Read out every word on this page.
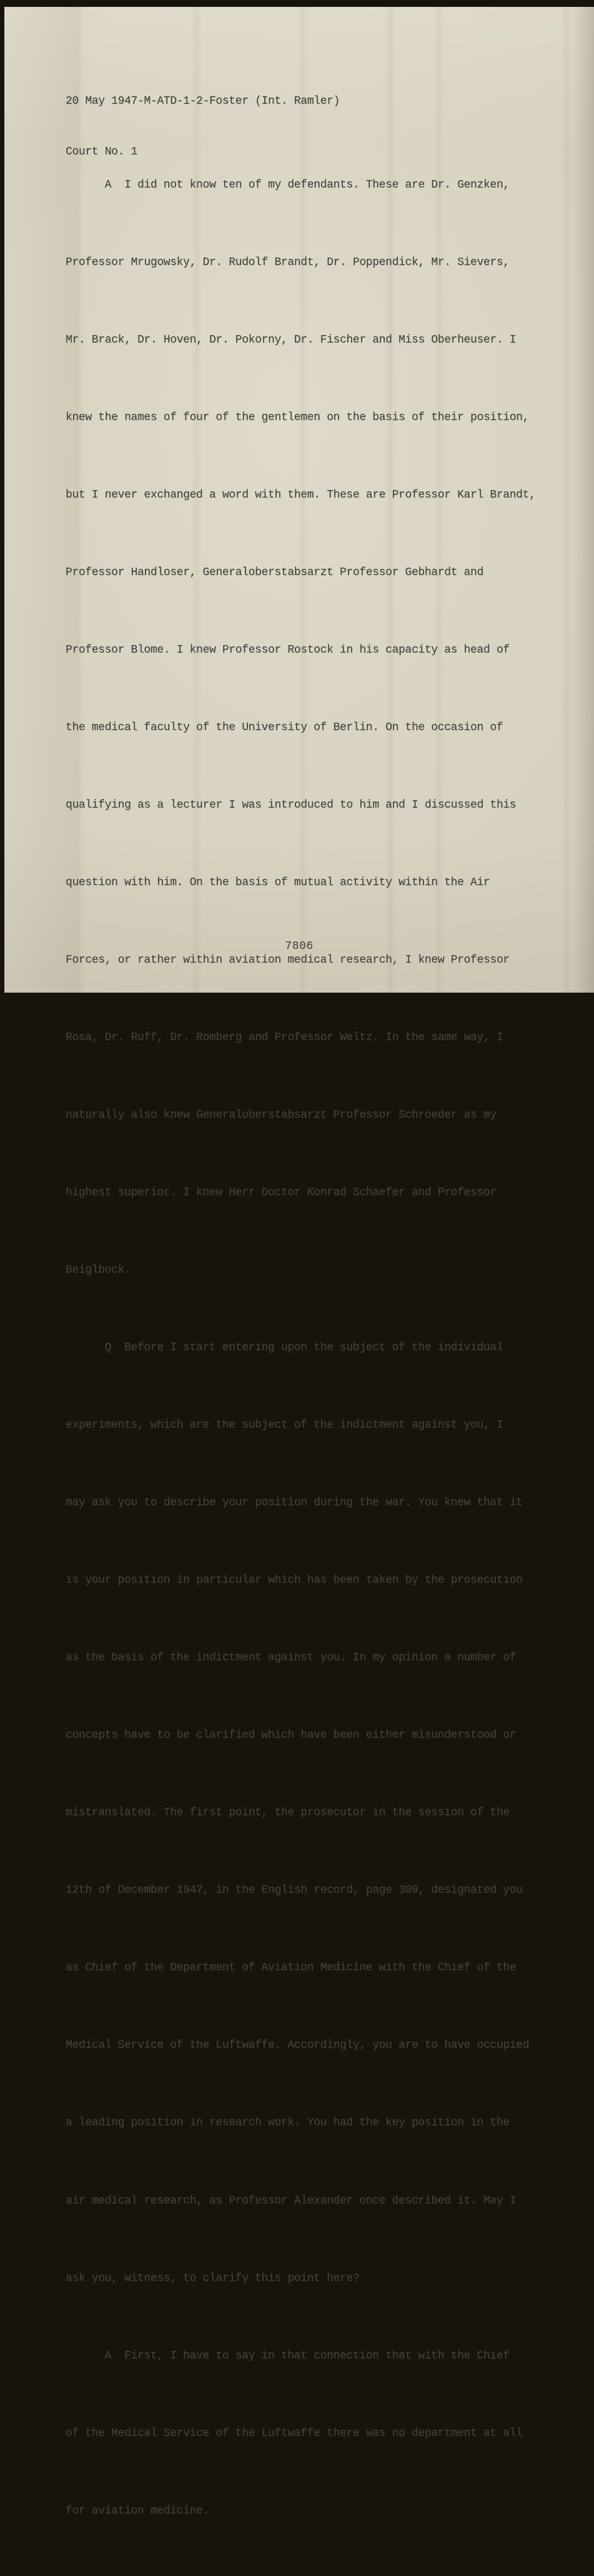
20 May 1947-M-ATD-1-2-Foster (Int. Ramler)

Court No. 1

A  I did not know ten of my defendants. These are Dr. Genzken,

Professor Mrugowsky, Dr. Rudolf Brandt, Dr. Poppendick, Mr. Sievers,

Mr. Brack, Dr. Hoven, Dr. Pokorny, Dr. Fischer and Miss Oberheuser. I

knew the names of four of the gentlemen on the basis of their position,

but I never exchanged a word with them. These are Professor Karl Brandt,

Professor Handloser, Generaloberstabsarzt Professor Gebhardt and

Professor Blome. I knew Professor Rostock in his capacity as head of

the medical faculty of the University of Berlin. On the occasion of

qualifying as a lecturer I was introduced to him and I discussed this

question with him. On the basis of mutual activity within the Air

Forces, or rather within aviation medical research, I knew Professor

Rosa, Dr. Ruff, Dr. Romberg and Professor Weltz. In the same way, I

naturally also knew Generaloberstabsarzt Professor Schroeder as my

highest superior. I knew Herr Doctor Konrad Schaefer and Professor

Beiglbock.

Q  Before I start entering upon the subject of the individual

experiments, which are the subject of the indictment against you, I

may ask you to describe your position during the war. You knew that it

is your position in particular which has been taken by the prosecution

as the basis of the indictment against you. In my opinion a number of

concepts have to be clarified which have been either misunderstood or

mistranslated. The first point, the prosecutor in the session of the

12th of December 1947, in the English record, page 309, designated you

as Chief of the Department of Aviation Medicine with the Chief of the

Medical Service of the Luftwaffe. Accordingly, you are to have occupied

a leading position in research work. You had the key position in the

air medical research, as Professor Alexander once described it. May I

ask you, witness, to clarify this point here?

A  First, I have to say in that connection that with the Chief

of the Medical Service of the Luftwaffe there was no department at all

for aviation medicine.

7806
